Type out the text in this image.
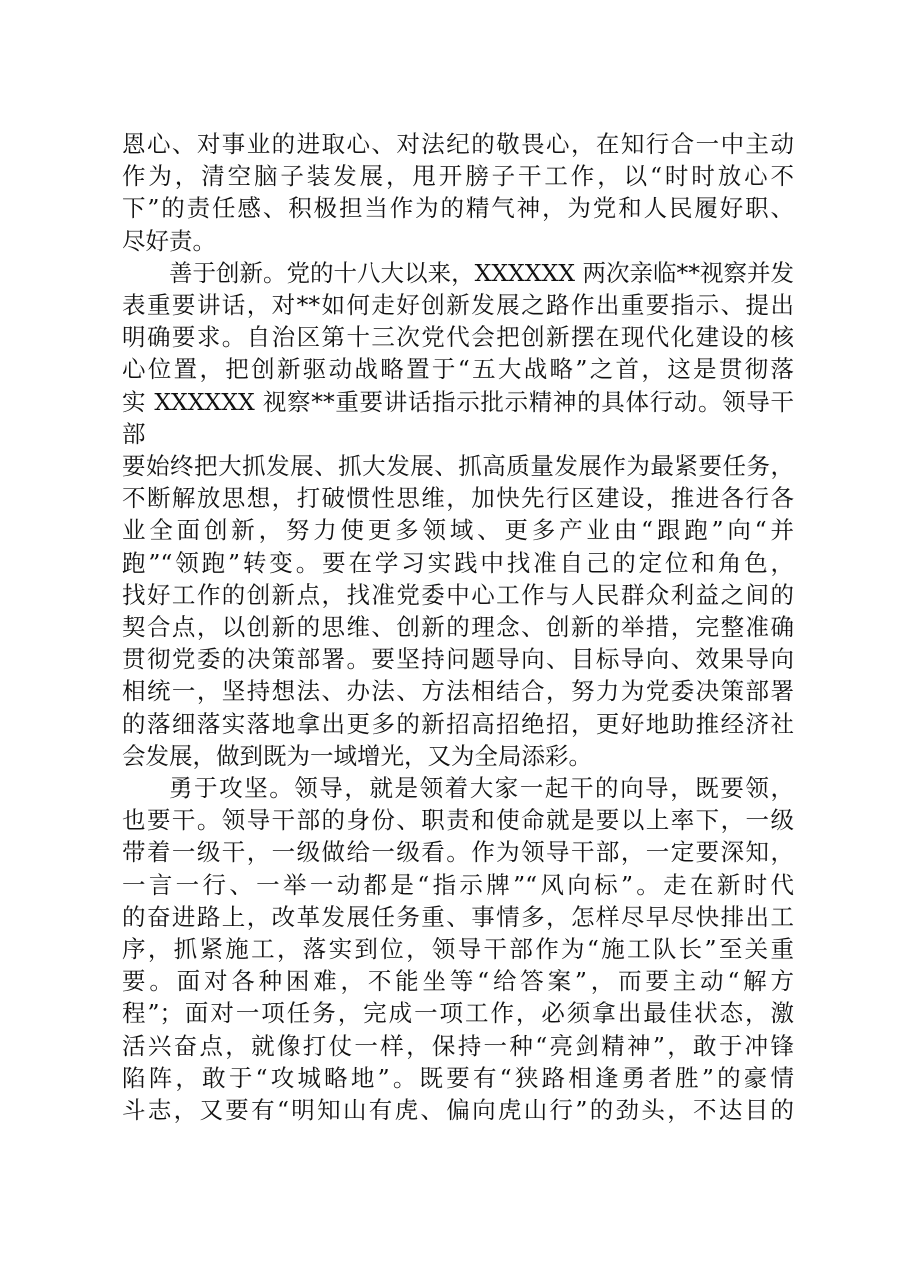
恩心、对事业的进取心、对法纪的敬畏心，在知行合一中主动
作为，清空脑子装发展，甩开膀子干工作，以“时时放心不
下”的责任感、积极担当作为的精气神，为党和人民履好职、
尽好责。
善于创新。党的十八大以来，XXXXXX 两次亲临**视察并发
表重要讲话，对**如何走好创新发展之路作出重要指示、提出
明确要求。自治区第十三次党代会把创新摆在现代化建设的核
心位置，把创新驱动战略置于“五大战略”之首，这是贯彻落
实 XXXXXX 视察**重要讲话指示批示精神的具体行动。领导干部
要始终把大抓发展、抓大发展、抓高质量发展作为最紧要任务，
不断解放思想，打破惯性思维，加快先行区建设，推进各行各
业全面创新，努力使更多领域、更多产业由“跟跑”向“并
跑”“领跑”转变。要在学习实践中找准自己的定位和角色，
找好工作的创新点，找准党委中心工作与人民群众利益之间的
契合点，以创新的思维、创新的理念、创新的举措，完整准确
贯彻党委的决策部署。要坚持问题导向、目标导向、效果导向
相统一，坚持想法、办法、方法相结合，努力为党委决策部署
的落细落实落地拿出更多的新招高招绝招，更好地助推经济社
会发展，做到既为一域增光，又为全局添彩。
勇于攻坚。领导，就是领着大家一起干的向导，既要领，
也要干。领导干部的身份、职责和使命就是要以上率下，一级
带着一级干，一级做给一级看。作为领导干部，一定要深知，
一言一行、一举一动都是“指示牌”“风向标”。走在新时代
的奋进路上，改革发展任务重、事情多，怎样尽早尽快排出工
序，抓紧施工，落实到位，领导干部作为“施工队长”至关重
要。面对各种困难，不能坐等“给答案”，而要主动“解方
程”；面对一项任务，完成一项工作，必须拿出最佳状态，激
活兴奋点，就像打仗一样，保持一种“亮剑精神”，敢于冲锋
陷阵，敢于“攻城略地”。既要有“狭路相逢勇者胜”的豪情
斗志，又要有“明知山有虎、偏向虎山行”的劲头，不达目的
